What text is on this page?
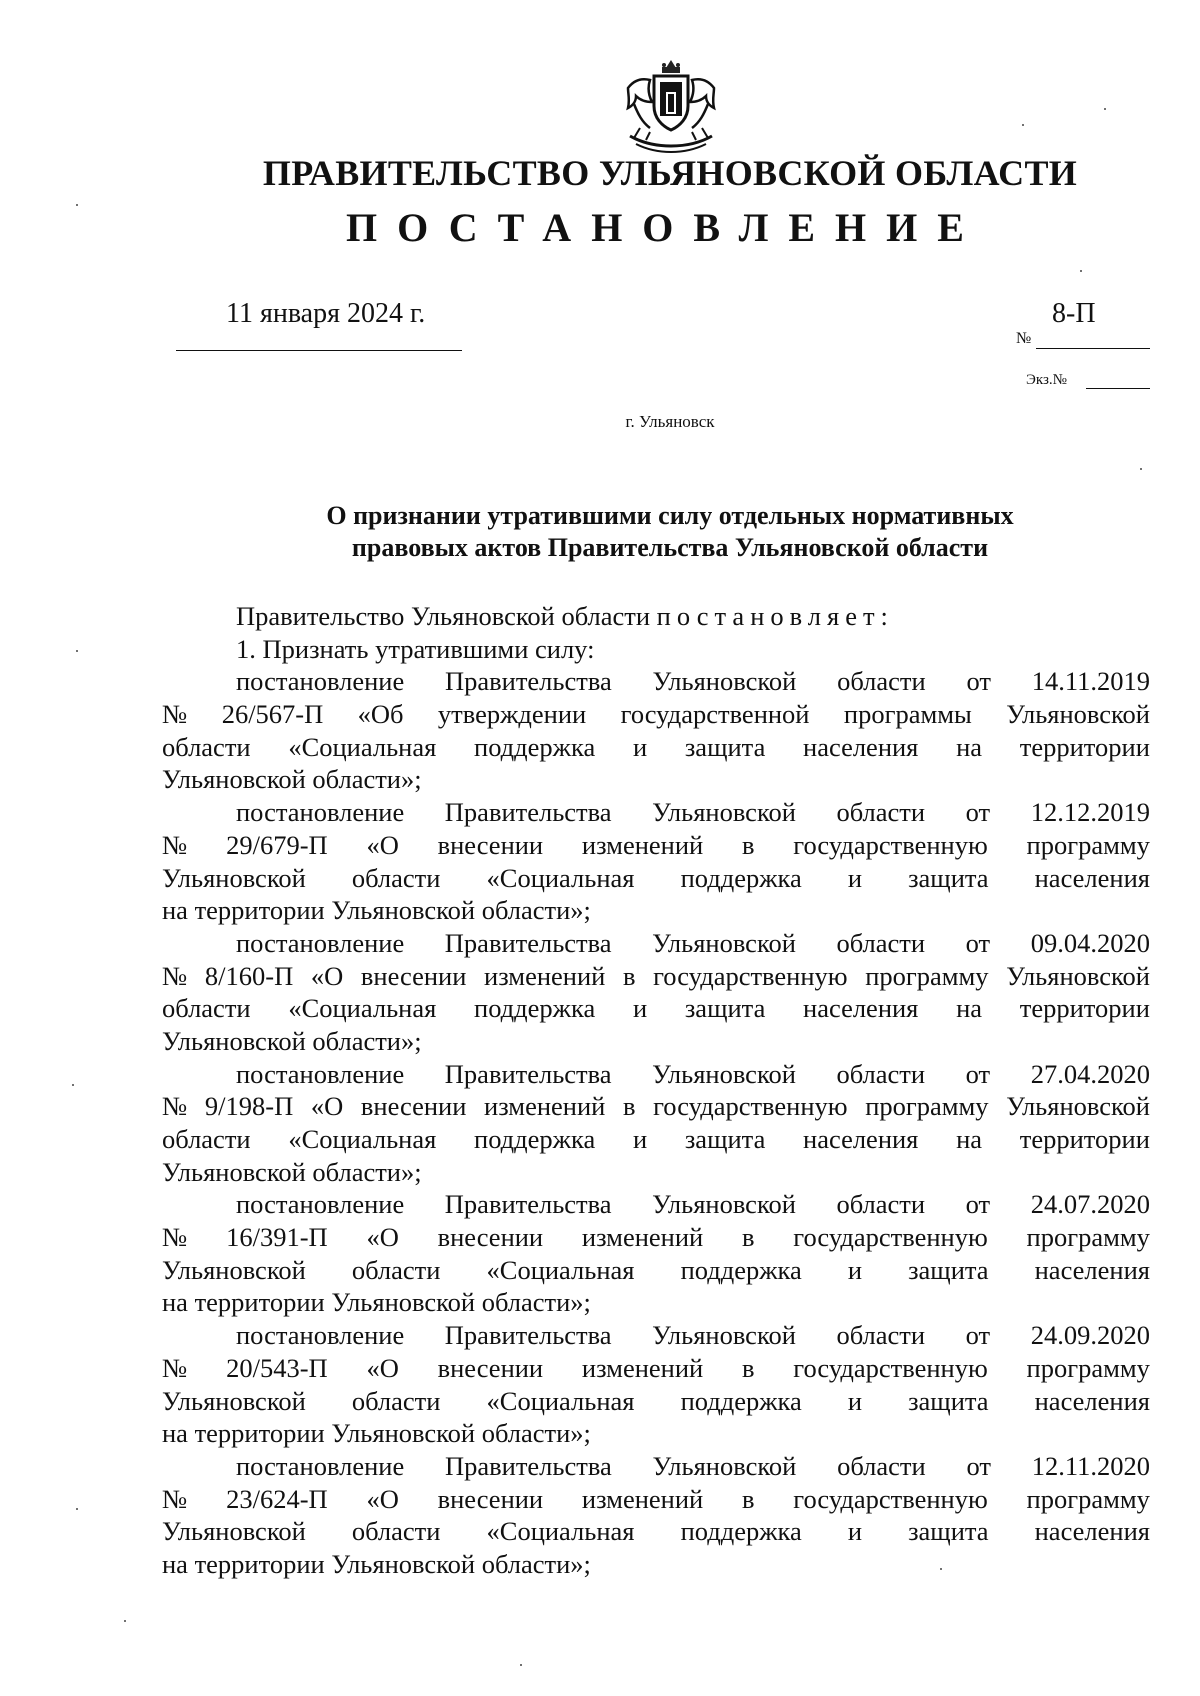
ПРАВИТЕЛЬСТВО УЛЬЯНОВСКОЙ ОБЛАСТИ
ПОСТАНОВЛЕНИЕ
11 января 2024 г.	8-П
№
Экз.№
г. Ульяновск
О признании утратившими силу отдельных нормативных
правовых актов Правительства Ульяновской области
Правительство Ульяновской области постановляет:
1. Признать утратившими силу:
постановление Правительства Ульяновской области от 14.11.2019
№ 26/567-П «Об утверждении государственной программы Ульяновской
области «Социальная поддержка и защита населения на территории
Ульяновской области»;
постановление Правительства Ульяновской области от 12.12.2019
№ 29/679-П «О внесении изменений в государственную программу
Ульяновской области «Социальная поддержка и защита населения
на территории Ульяновской области»;
постановление Правительства Ульяновской области от 09.04.2020
№ 8/160-П «О внесении изменений в государственную программу Ульяновской
области «Социальная поддержка и защита населения на территории
Ульяновской области»;
постановление Правительства Ульяновской области от 27.04.2020
№ 9/198-П «О внесении изменений в государственную программу Ульяновской
области «Социальная поддержка и защита населения на территории
Ульяновской области»;
постановление Правительства Ульяновской области от 24.07.2020
№ 16/391-П «О внесении изменений в государственную программу
Ульяновской области «Социальная поддержка и защита населения
на территории Ульяновской области»;
постановление Правительства Ульяновской области от 24.09.2020
№ 20/543-П «О внесении изменений в государственную программу
Ульяновской области «Социальная поддержка и защита населения
на территории Ульяновской области»;
постановление Правительства Ульяновской области от 12.11.2020
№ 23/624-П «О внесении изменений в государственную программу
Ульяновской области «Социальная поддержка и защита населения
на территории Ульяновской области»;
